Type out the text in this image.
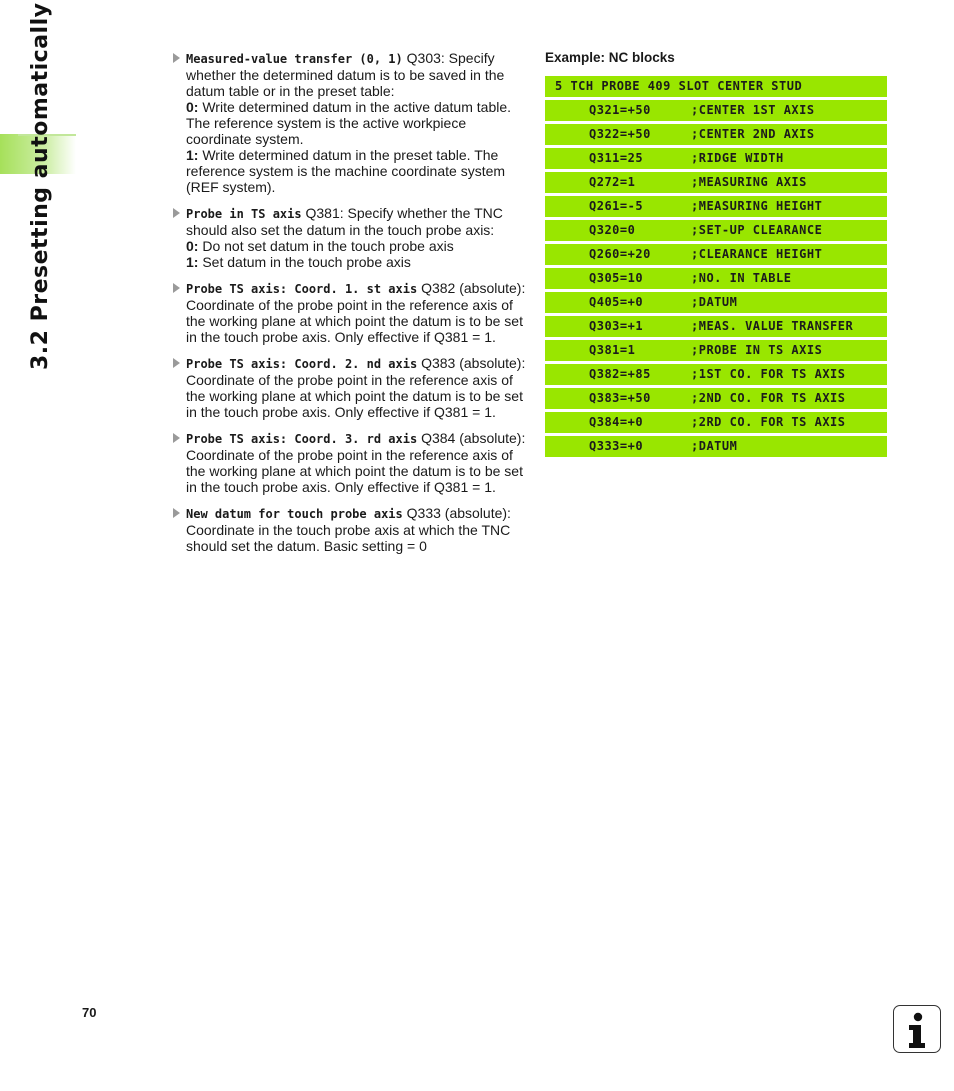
3.2 Presetting automatically	Measured-value transfer (0, 1) Q303: Specify whether the determined datum is to be saved in the datum table or in the preset table:
0: Write determined datum in the active datum table. The reference system is the active workpiece coordinate system.
1: Write determined datum in the preset table. The reference system is the machine coordinate system (REF system).
Probe in TS axis Q381: Specify whether the TNC should also set the datum in the touch probe axis:
0: Do not set datum in the touch probe axis
1: Set datum in the touch probe axis
Probe TS axis: Coord. 1. st axis Q382 (absolute): Coordinate of the probe point in the reference axis of the working plane at which point the datum is to be set in the touch probe axis. Only effective if Q381 = 1.
Probe TS axis: Coord. 2. nd axis Q383 (absolute): Coordinate of the probe point in the reference axis of the working plane at which point the datum is to be set in the touch probe axis. Only effective if Q381 = 1.
Probe TS axis: Coord. 3. rd axis Q384 (absolute): Coordinate of the probe point in the reference axis of the working plane at which point the datum is to be set in the touch probe axis. Only effective if Q381 = 1.
New datum for touch probe axis Q333 (absolute): Coordinate in the touch probe axis at which the TNC should set the datum. Basic setting = 0
Example: NC blocks
5 TCH PROBE 409 SLOT CENTER STUD
Q321=+50	;CENTER 1ST AXIS
Q322=+50	;CENTER 2ND AXIS
Q311=25	;RIDGE WIDTH
Q272=1	;MEASURING AXIS
Q261=-5	;MEASURING HEIGHT
Q320=0	;SET-UP CLEARANCE
Q260=+20	;CLEARANCE HEIGHT
Q305=10	;NO. IN TABLE
Q405=+0	;DATUM
Q303=+1	;MEAS. VALUE TRANSFER
Q381=1	;PROBE IN TS AXIS
Q382=+85	;1ST CO. FOR TS AXIS
Q383=+50	;2ND CO. FOR TS AXIS
Q384=+0	;2RD CO. FOR TS AXIS
Q333=+0	;DATUM
70
